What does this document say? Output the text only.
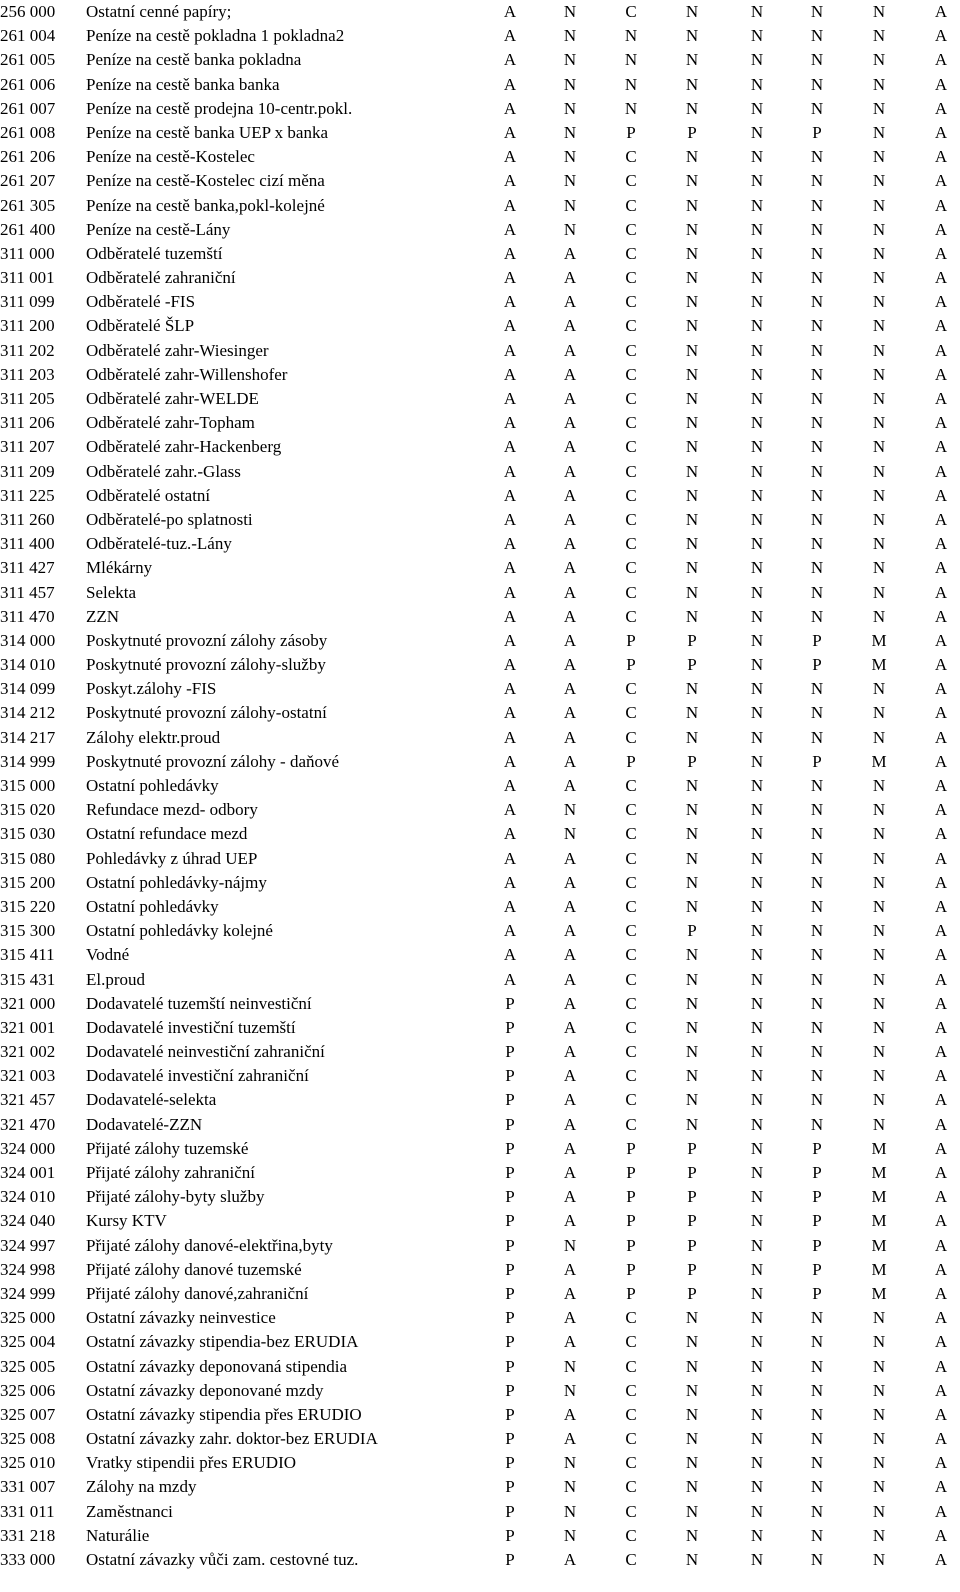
256 000 Ostatní cenné papíry;	A	N	C	N	N	N	N	A
261 004 Peníze na cestě pokladna 1 pokladna2	A	N	N	N	N	N	N	A
261 005 Peníze na cestě banka pokladna	A	N	N	N	N	N	N	A
261 006 Peníze na cestě banka banka	A	N	N	N	N	N	N	A
261 007 Peníze na cestě prodejna 10-centr.pokl.	A	N	N	N	N	N	N	A
261 008 Peníze na cestě banka UEP x banka	A	N	P	P	N	P	N	A
261 206 Peníze na cestě-Kostelec	A	N	C	N	N	N	N	A
261 207 Peníze na cestě-Kostelec cizí měna	A	N	C	N	N	N	N	A
261 305 Peníze na cestě banka,pokl-kolejné	A	N	C	N	N	N	N	A
261 400 Peníze na cestě-Lány	A	N	C	N	N	N	N	A
311 000 Odběratelé tuzemští	A	A	C	N	N	N	N	A
311 001 Odběratelé zahraniční	A	A	C	N	N	N	N	A
311 099 Odběratelé -FIS	A	A	C	N	N	N	N	A
311 200 Odběratelé ŠLP	A	A	C	N	N	N	N	A
311 202 Odběratelé zahr-Wiesinger	A	A	C	N	N	N	N	A
311 203 Odběratelé zahr-Willenshofer	A	A	C	N	N	N	N	A
311 205 Odběratelé zahr-WELDE	A	A	C	N	N	N	N	A
311 206 Odběratelé zahr-Topham	A	A	C	N	N	N	N	A
311 207 Odběratelé zahr-Hackenberg	A	A	C	N	N	N	N	A
311 209 Odběratelé zahr.-Glass	A	A	C	N	N	N	N	A
311 225 Odběratelé ostatní	A	A	C	N	N	N	N	A
311 260 Odběratelé-po splatnosti	A	A	C	N	N	N	N	A
311 400 Odběratelé-tuz.-Lány	A	A	C	N	N	N	N	A
311 427 Mlékárny	A	A	C	N	N	N	N	A
311 457 Selekta	A	A	C	N	N	N	N	A
311 470 ZZN	A	A	C	N	N	N	N	A
314 000 Poskytnuté provozní zálohy zásoby	A	A	P	P	N	P	M	A
314 010 Poskytnuté provozní zálohy-služby	A	A	P	P	N	P	M	A
314 099 Poskyt.zálohy -FIS	A	A	C	N	N	N	N	A
314 212 Poskytnuté provozní zálohy-ostatní	A	A	C	N	N	N	N	A
314 217 Zálohy elektr.proud	A	A	C	N	N	N	N	A
314 999 Poskytnuté provozní zálohy - daňové	A	A	P	P	N	P	M	A
315 000 Ostatní pohledávky	A	A	C	N	N	N	N	A
315 020 Refundace mezd- odbory	A	N	C	N	N	N	N	A
315 030 Ostatní refundace mezd	A	N	C	N	N	N	N	A
315 080 Pohledávky z úhrad UEP	A	A	C	N	N	N	N	A
315 200 Ostatní pohledávky-nájmy	A	A	C	N	N	N	N	A
315 220 Ostatní pohledávky	A	A	C	N	N	N	N	A
315 300 Ostatní pohledávky kolejné	A	A	C	P	N	N	N	A
315 411 Vodné	A	A	C	N	N	N	N	A
315 431 El.proud	A	A	C	N	N	N	N	A
321 000 Dodavatelé tuzemští neinvestiční	P	A	C	N	N	N	N	A
321 001 Dodavatelé investiční tuzemští	P	A	C	N	N	N	N	A
321 002 Dodavatelé neinvestiční zahraniční	P	A	C	N	N	N	N	A
321 003 Dodavatelé investiční zahraniční	P	A	C	N	N	N	N	A
321 457 Dodavatelé-selekta	P	A	C	N	N	N	N	A
321 470 Dodavatelé-ZZN	P	A	C	N	N	N	N	A
324 000 Přijaté zálohy tuzemské	P	A	P	P	N	P	M	A
324 001 Přijaté zálohy zahraniční	P	A	P	P	N	P	M	A
324 010 Přijaté zálohy-byty služby	P	A	P	P	N	P	M	A
324 040 Kursy KTV	P	A	P	P	N	P	M	A
324 997 Přijaté zálohy danové-elektřina,byty	P	N	P	P	N	P	M	A
324 998 Přijaté zálohy danové tuzemské	P	A	P	P	N	P	M	A
324 999 Přijaté zálohy danové,zahraniční	P	A	P	P	N	P	M	A
325 000 Ostatní závazky neinvestice	P	A	C	N	N	N	N	A
325 004 Ostatní závazky stipendia-bez ERUDIA	P	A	C	N	N	N	N	A
325 005 Ostatní závazky deponovaná stipendia	P	N	C	N	N	N	N	A
325 006 Ostatní závazky deponované mzdy	P	N	C	N	N	N	N	A
325 007 Ostatní závazky stipendia přes ERUDIO	P	A	C	N	N	N	N	A
325 008 Ostatní závazky zahr. doktor-bez ERUDIA	P	A	C	N	N	N	N	A
325 010 Vratky stipendii přes ERUDIO	P	N	C	N	N	N	N	A
331 007 Zálohy na mzdy	P	N	C	N	N	N	N	A
331 011 Zaměstnanci	P	N	C	N	N	N	N	A
331 218 Naturálie	P	N	C	N	N	N	N	A
333 000 Ostatní závazky vůči zam. cestovné tuz.	P	A	C	N	N	N	N	A
